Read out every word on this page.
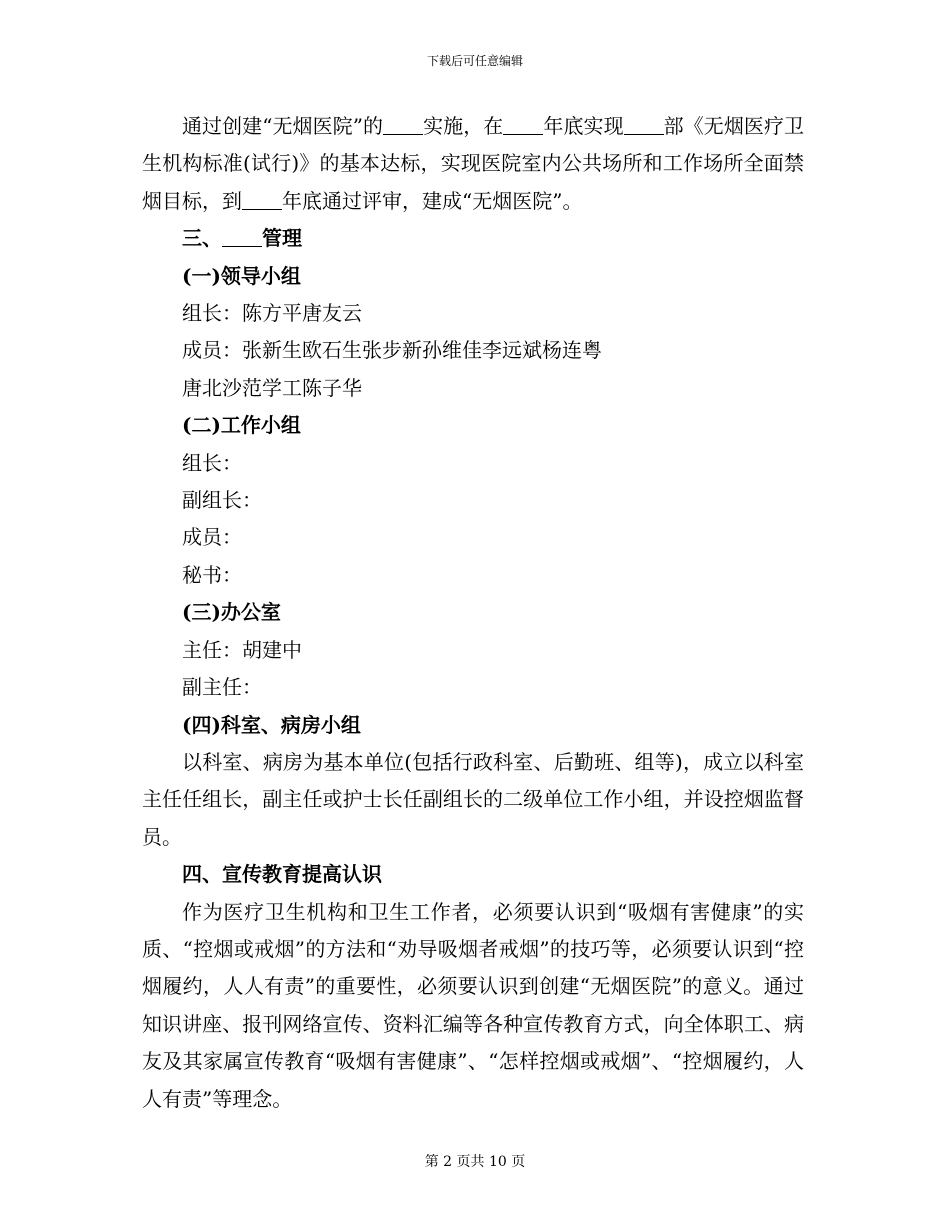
下载后可任意编辑

通过创建“无烟医院”的 实施，在 年底实现 部《无烟医疗卫生机构标准(试行)》的基本达标，实现医院室内公共场所和工作场所全面禁烟目标，到 年底通过评审，建成“无烟医院”。

三、 管理

(一)领导小组

组长：陈方平唐友云

成员：张新生欧石生张步新孙维佳李远斌杨连粤

唐北沙范学工陈子华

(二)工作小组

组长：

副组长：

成员：

秘书：

(三)办公室

主任：胡建中

副主任：

(四)科室、病房小组

以科室、病房为基本单位(包括行政科室、后勤班、组等)，成立以科室主任任组长，副主任或护士长任副组长的二级单位工作小组，并设控烟监督员。

四、宣传教育提高认识

作为医疗卫生机构和卫生工作者，必须要认识到“吸烟有害健康”的实质、“控烟或戒烟”的方法和“劝导吸烟者戒烟”的技巧等，必须要认识到“控烟履约，人人有责”的重要性，必须要认识到创建“无烟医院”的意义。通过知识讲座、报刊网络宣传、资料汇编等各种宣传教育方式，向全体职工、病友及其家属宣传教育“吸烟有害健康”、“怎样控烟或戒烟”、“控烟履约，人人有责”等理念。

第 2 页共 10 页
